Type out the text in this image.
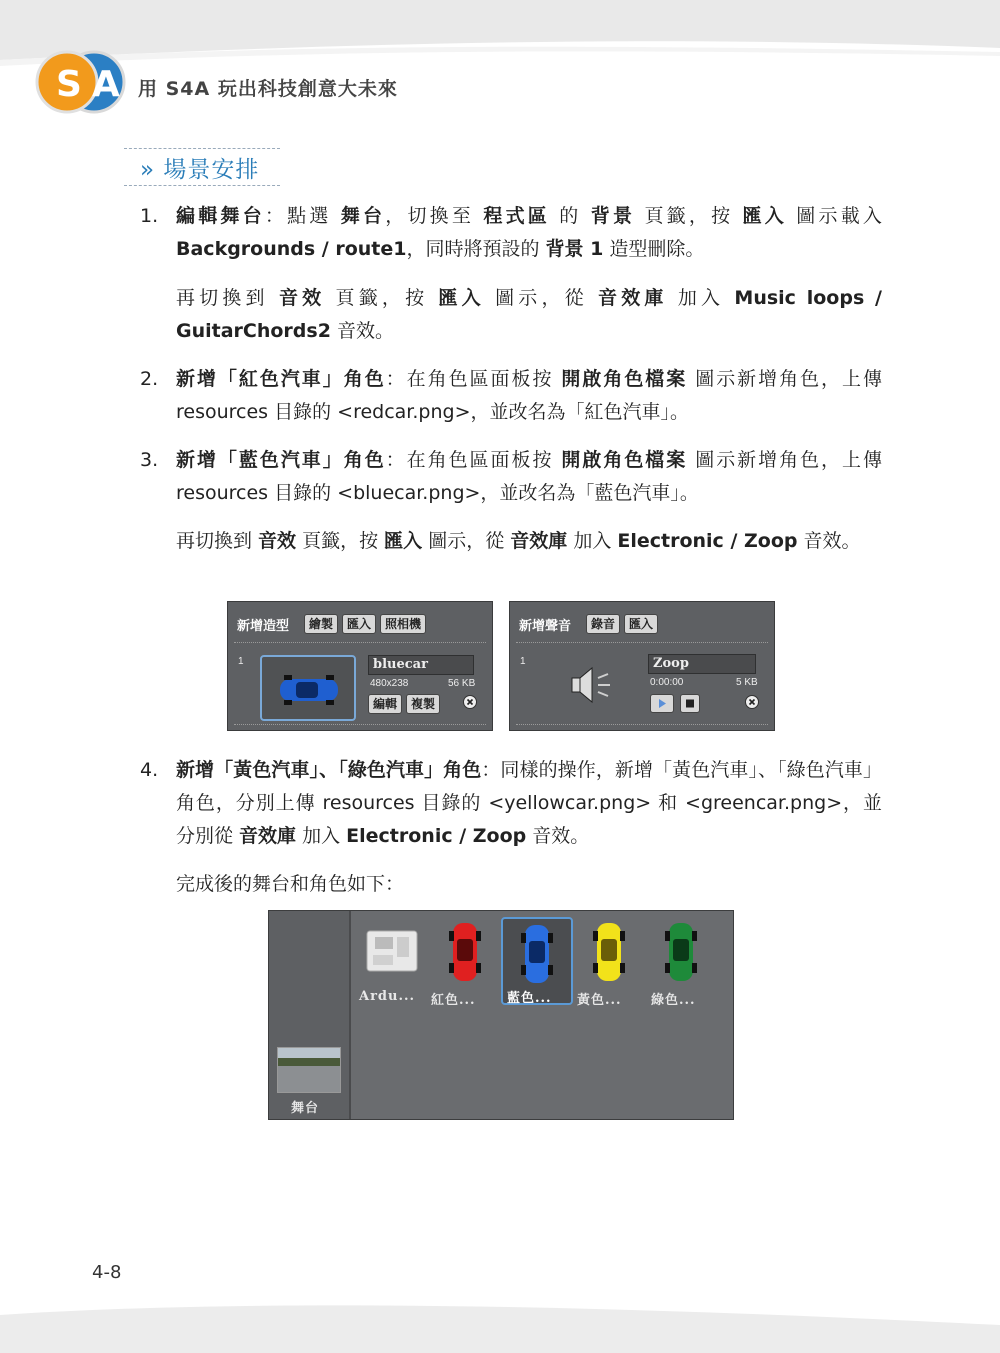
S A 用 S4A 玩出科技創意大未來
» 場景安排
1. 編輯舞台：點選 舞台，切換至 程式區 的 背景 頁籤，按 匯入 圖示載入 Backgrounds / route1，同時將預設的 背景 1 造型刪除。
再切換到 音效 頁籤，按 匯入 圖示，從 音效庫 加入 Music loops / GuitarChords2 音效。
2. 新增「紅色汽車」角色：在角色區面板按 開啟角色檔案 圖示新增角色，上傳 resources 目錄的 <redcar.png>，並改名為「紅色汽車」。
3. 新增「藍色汽車」角色：在角色區面板按 開啟角色檔案 圖示新增角色，上傳 resources 目錄的 <bluecar.png>，並改名為「藍色汽車」。
再切換到 音效 頁籤，按 匯入 圖示，從 音效庫 加入 Electronic / Zoop 音效。
新增造型	繪製	匯入	照相機
1	bluecar
480x238	56 KB
編輯	複製
新增聲音	錄音	匯入
1	Zoop
0:00:00	5 KB
4. 新增「黃色汽車」、「綠色汽車」角色：同樣的操作，新增「黃色汽車」、「綠色汽車」角色，分別上傳 resources 目錄的 <yellowcar.png> 和 <greencar.png>，並分別從 音效庫 加入 Electronic / Zoop 音效。
完成後的舞台和角色如下：
舞台
Ardu... 紅色... 藍色... 黃色... 綠色...
4-8
